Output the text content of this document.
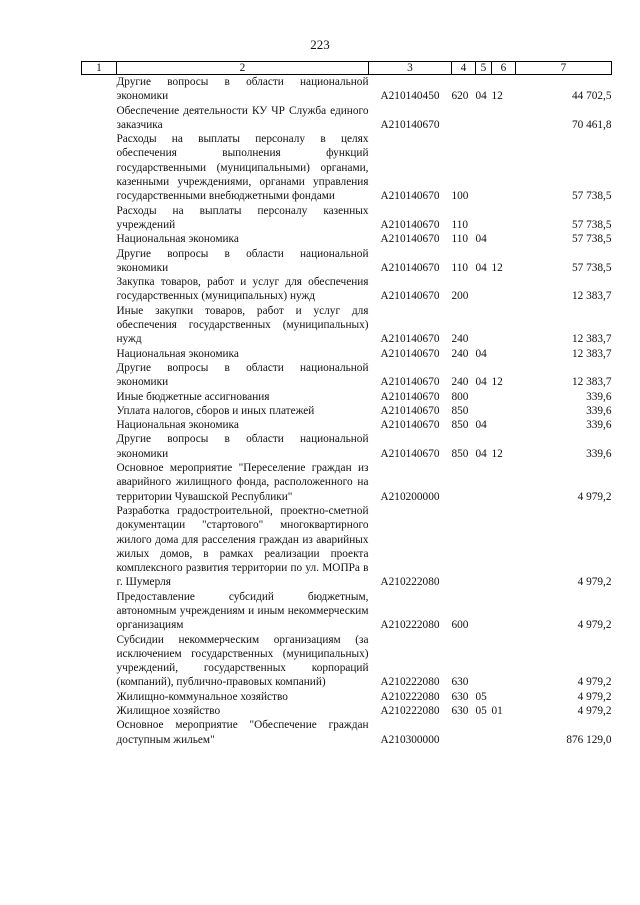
223
1	2	3	4	5	6	7
	Другие вопросы в области национальной экономики	А210140450	620	04	12	44 702,5
	Обеспечение деятельности КУ ЧР Служба единого заказчика	А210140670				70 461,8
	Расходы на выплаты персоналу в целях обеспечения выполнения функций государственными (муниципальными) органами, казенными учреждениями, органами управления государственными внебюджетными фондами	А210140670	100			57 738,5
	Расходы на выплаты персоналу казенных учреждений	А210140670	110			57 738,5
	Национальная экономика	А210140670	110	04		57 738,5
	Другие вопросы в области национальной экономики	А210140670	110	04	12	57 738,5
	Закупка товаров, работ и услуг для обеспечения государственных (муниципальных) нужд	А210140670	200			12 383,7
	Иные закупки товаров, работ и услуг для обеспечения государственных (муниципальных) нужд	А210140670	240			12 383,7
	Национальная экономика	А210140670	240	04		12 383,7
	Другие вопросы в области национальной экономики	А210140670	240	04	12	12 383,7
	Иные бюджетные ассигнования	А210140670	800			339,6
	Уплата налогов, сборов и иных платежей	А210140670	850			339,6
	Национальная экономика	А210140670	850	04		339,6
	Другие вопросы в области национальной экономики	А210140670	850	04	12	339,6
	Основное мероприятие "Переселение граждан из аварийного жилищного фонда, расположенного на территории Чувашской Республики"	А210200000				4 979,2
	Разработка градостроительной, проектно-сметной документации "стартового" многоквартирного жилого дома для расселения граждан из аварийных жилых домов, в рамках реализации проекта комплексного развития территории по ул. МОПРа в г. Шумерля	А210222080				4 979,2
	Предоставление субсидий бюджетным, автономным учреждениям и иным некоммерческим организациям	А210222080	600			4 979,2
	Субсидии некоммерческим организациям (за исключением государственных (муниципальных) учреждений, государственных корпораций (компаний), публично-правовых компаний)	А210222080	630			4 979,2
	Жилищно-коммунальное хозяйство	А210222080	630	05		4 979,2
	Жилищное хозяйство	А210222080	630	05	01	4 979,2
	Основное мероприятие "Обеспечение граждан доступным жильем"	А210300000				876 129,0
